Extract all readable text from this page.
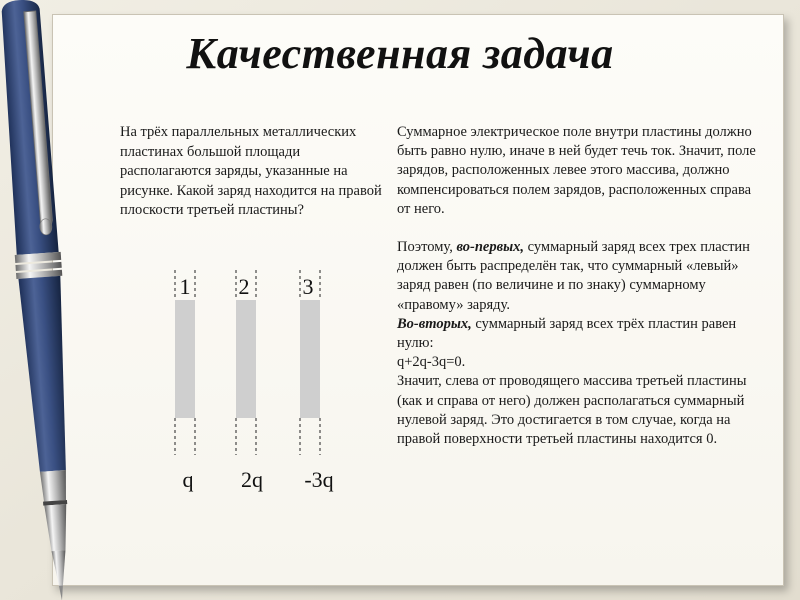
Качественная задача
На трёх параллельных металлических пластинах большой площади располагаются заряды, указанные на рисунке. Какой заряд находится на правой плоскости третьей пластины?

Суммарное электрическое поле внутри пластины должно быть равно нулю, иначе в ней будет течь ток. Значит, поле зарядов, расположенных левее этого массива, должно компенсироваться полем зарядов, расположенных справа от него.

Поэтому, во-первых, суммарный заряд всех трех пластин должен быть распределён так, что суммарный «левый» заряд равен (по величине и по знаку) суммарному «правому» заряду.

Во-вторых, суммарный заряд всех трёх пластин равен нулю:

q+2q-3q=0.

Значит, слева от проводящего массива третьей пластины (как и справа от него) должен располагаться суммарный нулевой заряд. Это достигается в том случае, когда на правой поверхности третьей пластины находится 0.

1
q
2
2q
3
-3q
